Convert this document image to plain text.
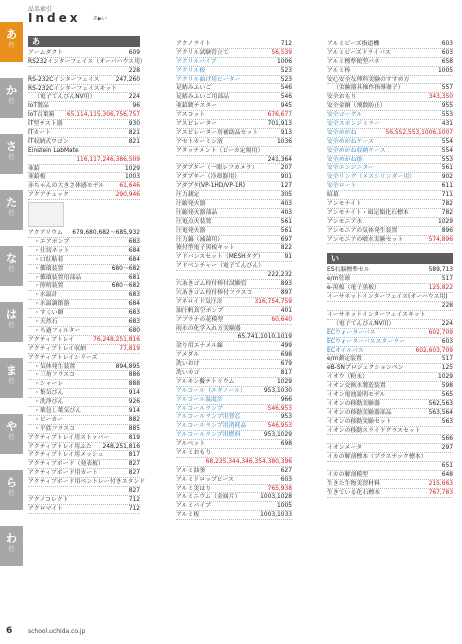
あ
行
か
行
さ
行
た
行
な
行
は
行
ま
行
や
行
ら
行
わ
行
品名索引
Index	あ▶い
あ
アームダクト	609
RS232インターフェイス（オーバハウス用）
228
RS-232Cインターフェイス	247,260
RS-232Cインターフェイスキット
（電子てんびんNV用）	224
IoT製品	96
IoT百葉箱 65,114,115,306,756,757
IT型テスト器	930
ITカート	821
IT収納式ワゴン	821
Einstein LabMate
116,117,246,386,509
亜鉛	1029
亜鉛板	1003
赤ちゃんの大きさ体感モデル	61,646
アクアチェック	290,946
アクアリウム 679,680,682〜685,932
・エアポンプ	683
・仕切ネット	684
・口紅粘着	684
・循環装置	680〜682
・循環装置用部品	681
・照明装置	680〜682
・水温計	683
・水温調節器	684
・すくい網	683
・天然石	683
・ろ過フィルター	680
アクティブトレイ	76,248,251,816
アクティブトレイ収納	77,819
アクティブトレイシリーズ
・気体発生装置	894,895
・三角フラスコ	886
・シャーレ	888
・集気びん	914
・洗浄びん	926
・薬包し葉気びん	914
・ビーカー	882
・平底フラスコ	885
アクティブトレイ用ストッパー	819
アクティブトレイ用ふた 248,251,816
アクティブトレイ用メッシュ	817
アクティブボード（発表板）	827
アクティブボード用カート	827
アクティブボード用ペントレー付きスタンド
827
アクノコレクト	712
アクロマイト	712
アクノライト	712
アクリル試験管立て	56,539
アクリルパイプ	1006
アクリル板	523
アクリル曲げ用ヒーター	523
足踏みふいご	546
足踏みふいご用部品	546
亜鉛鍍テスター	945
アスコット	676,677
アスピレーター	701,913
アスピレーター用補助品セット	913
アセトカーミン液	1036
アタッチメント（ビーカ定規用）
241,364
アダプター（一眼レフカメラ）	207
アダプター（冷却器用）	901
アダプタ(VP-1HD/VP-1R)	127
圧力測定	305
圧縮発火器	403
圧縮発火器部品	403
圧電点火装置	561
圧電発火器	561
圧力鍋（減菌用）	697
後付型電子黒板キット	822
アドバンスセット（MESHタグ）	91
アドベンチャー（電子てんびん）
222,232
穴あきゴム栓付棒付試験管	893
穴あきゴム栓付棒付フラスコ	897
アネロイド気圧計	316,754,759
油圧帆真空ポンプ	401
アブラナの花模型	60,640
雨水の化学入れ方実験器
65,741,1010,1019
余り用エナメル線	499
アメダル	698
洗いおけ	679
洗いカゴ	817
アルキン擬テトリウム	1029
アルコール（エタノール）	953,1030
アルコール温度計	966
アルコールランプ	546,953
アルコールランプ用替芯	953
アルコールランプ用消耗品	546,953
アルコールランプ用燃料	953,1029
アルベット	698
アルミおもり
68,235,344,346,354,380,396
アルミ油釜	627
アルミドロップピース	603
アルミ実はり	765,938
アルミニウム（金属片）	1003,1028
アルミパイプ	1005
アルミ板	1003,1033
アルミビーズ指道機	603
アルミビーズドライバス	603
アルミ標準便型パネ	658
アルミ棒	1005
安心安全な理科実験のすすめ方
（実験器具操作指導冊子）	557
安全おもり	343,350
安全金網（飛散防止）	955
安全ゴーグル	553
安全スポンジミラー	431
安全めがね	56,552,553,1006,1007
安全めがねケース	554
安全めがね収納ケース	554
安全めがね掛	553
安全エンジニター	561
安全リング（メスシリンダー用）	902
安全ロート	611
暗幕	711
アンモナイト	782
アンモナイト・頭足類化石標本	782
アンモニア水	1029
アンモニアの気体発生装置	896
アンモニアの噴水実験セット	574,896
い
ES右脳標準セル	589,713
e/m管球	517
e-黒板（電子黒板）	125,822
イーサネットインターフェイス(オーハウス用)
228
イーサネットインターフェイスキット
（電子てんびんNV用）	224
ECウォーターバス	602,709
ECウォーターバススターラー	603
ECオイルバス	602,603,709
e/m測定装置	517
eB-SNプロジェクションペン	125
イオウ（粉末）	1029
イオン交換水製造装置	598
イオン電池説明モデル	565
イオンの移動実験器	562,563
イオンの移動実験器部品	563,564
イオンの移動実験セット	563
イオンの移動スライドグラスセット
566
イオンメータ	297
イカの解剖標本（プラスチック標本）
651
イカの解剖模型	648
生きた生物実習材料	215,663
生きている化石標本	767,783
6	school.uchida.co.jp
